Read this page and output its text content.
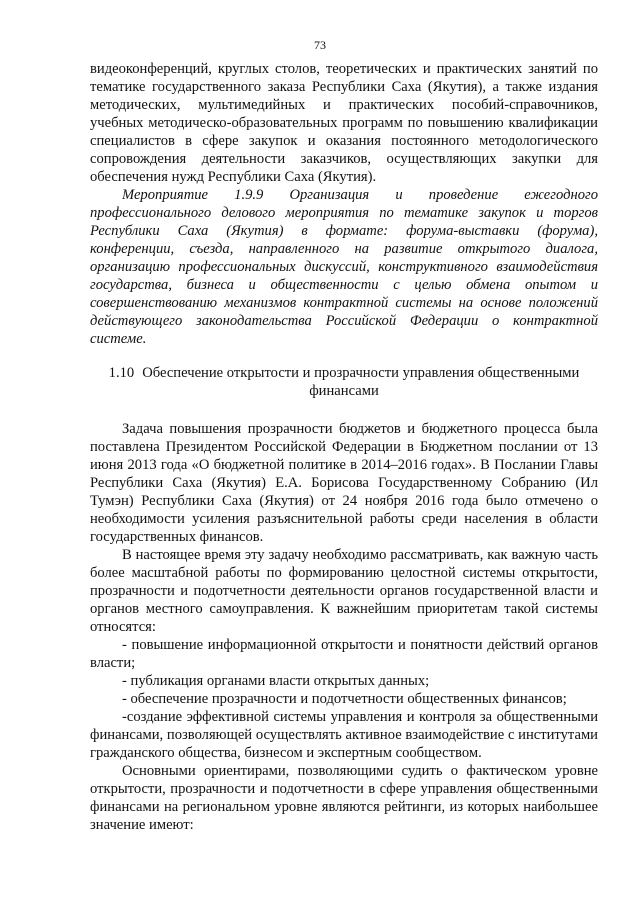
73

видеоконференций, круглых столов, теоретических и практических занятий по тематике государственного заказа Республики Саха (Якутия), а также издания методических, мультимедийных и практических пособий-справочников, учебных методическо-образовательных программ по повышению квалификации специалистов в сфере закупок и оказания постоянного методологического сопровождения деятельности заказчиков, осуществляющих закупки для обеспечения нужд Республики Саха (Якутия).

Мероприятие 1.9.9 Организация и проведение ежегодного профессионального делового мероприятия по тематике закупок и торгов Республики Саха (Якутия) в формате: форума-выставки (форума), конференции, съезда, направленного на развитие открытого диалога, организацию профессиональных дискуссий, конструктивного взаимодействия государства, бизнеса и общественности с целью обмена опытом и совершенствованию механизмов контрактной системы на основе положений действующего законодательства Российской Федерации о контрактной системе.

1.10 Обеспечение открытости и прозрачности управления общественными финансами

Задача повышения прозрачности бюджетов и бюджетного процесса была поставлена Президентом Российской Федерации в Бюджетном послании от 13 июня 2013 года «О бюджетной политике в 2014–2016 годах». В Послании Главы Республики Саха (Якутия) Е.А. Борисова Государственному Собранию (Ил Тумэн) Республики Саха (Якутия) от 24 ноября 2016 года было отмечено о необходимости усиления разъяснительной работы среди населения в области государственных финансов.

В настоящее время эту задачу необходимо рассматривать, как важную часть более масштабной работы по формированию целостной системы открытости, прозрачности и подотчетности деятельности органов государственной власти и органов местного самоуправления. К важнейшим приоритетам такой системы относятся:

- повышение информационной открытости и понятности действий органов власти;

- публикация органами власти открытых данных;

- обеспечение прозрачности и подотчетности общественных финансов;

-создание эффективной системы управления и контроля за общественными финансами, позволяющей осуществлять активное взаимодействие с институтами гражданского общества, бизнесом и экспертным сообществом.

Основными ориентирами, позволяющими судить о фактическом уровне открытости, прозрачности и подотчетности в сфере управления общественными финансами на региональном уровне являются рейтинги, из которых наибольшее значение имеют:
